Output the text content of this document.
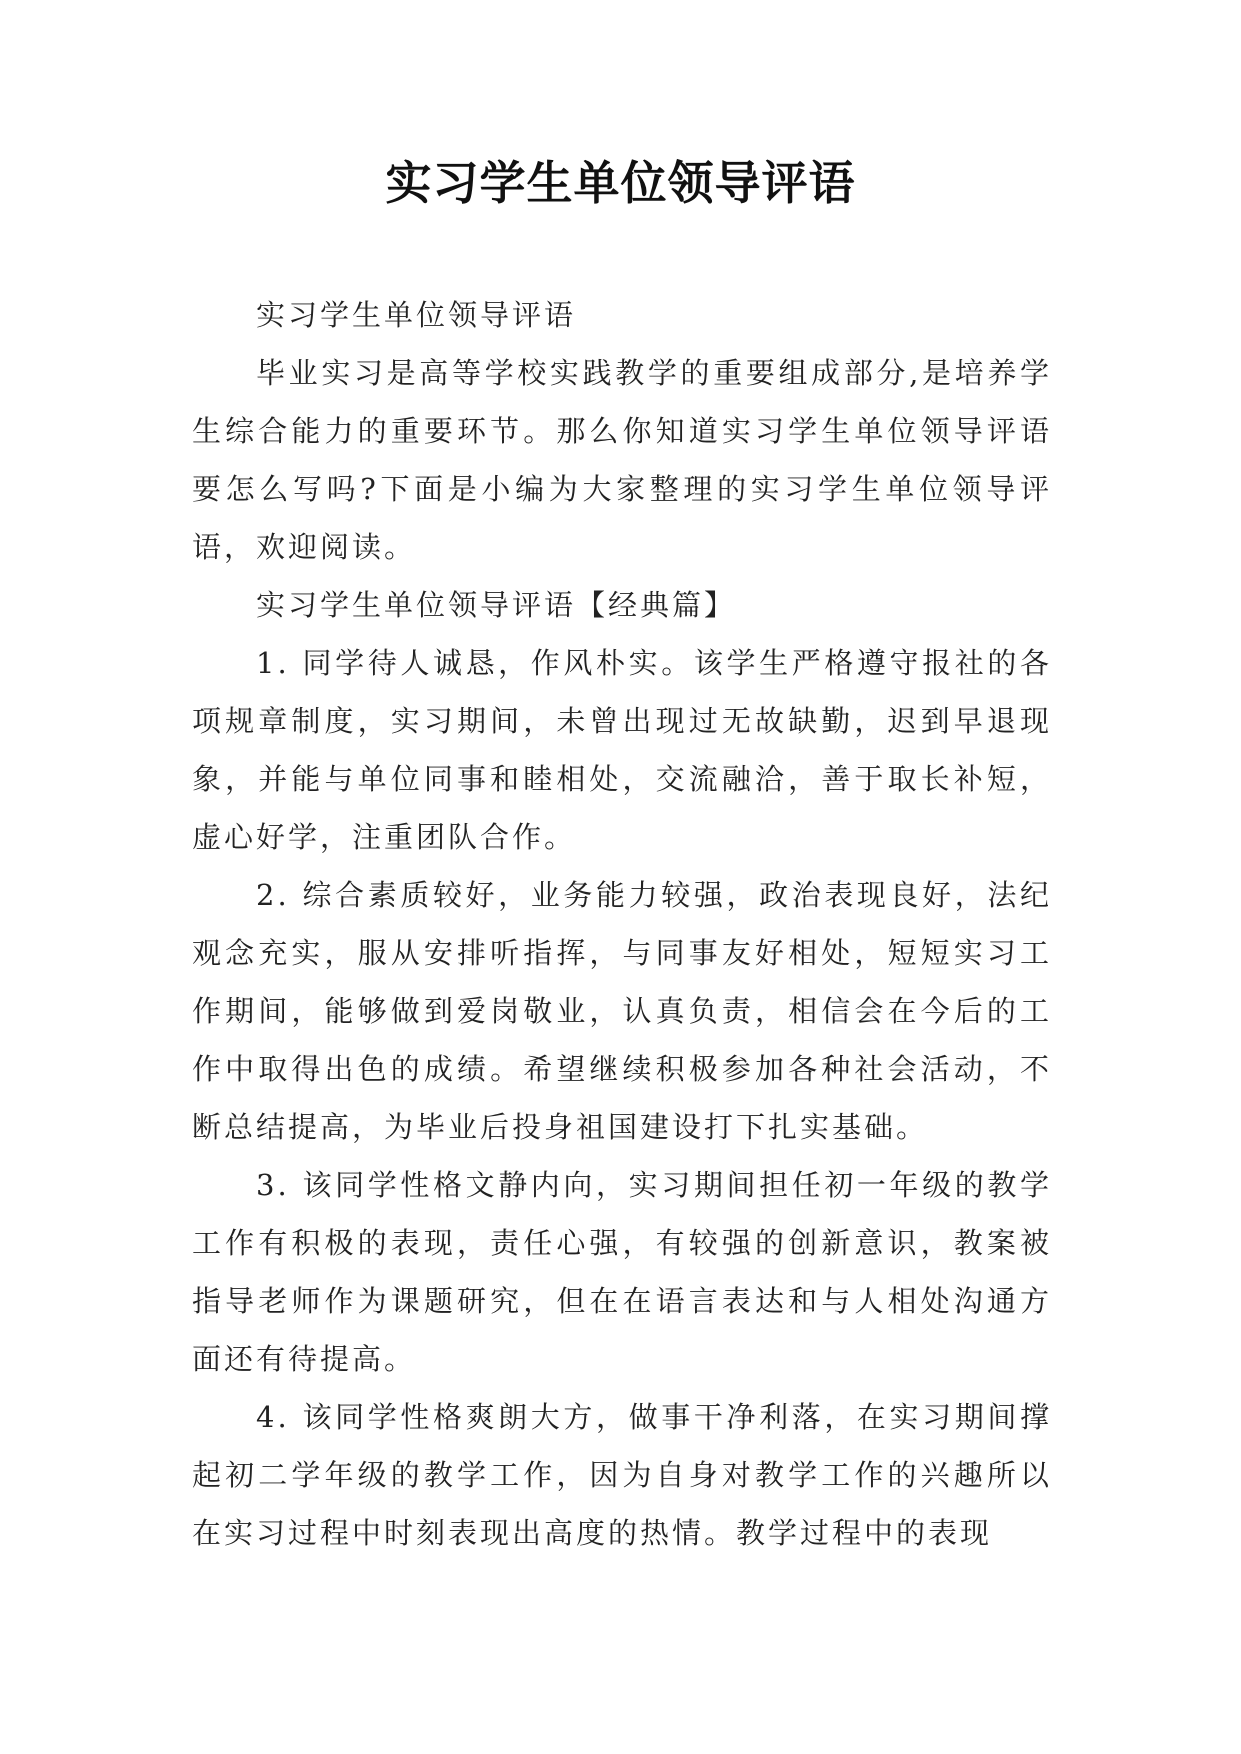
实习学生单位领导评语

实习学生单位领导评语

毕业实习是高等学校实践教学的重要组成部分,是培养学生综合能力的重要环节。那么你知道实习学生单位领导评语要怎么写吗?下面是小编为大家整理的实习学生单位领导评语，欢迎阅读。

实习学生单位领导评语【经典篇】

1. 同学待人诚恳，作风朴实。该学生严格遵守报社的各项规章制度，实习期间，未曾出现过无故缺勤，迟到早退现象，并能与单位同事和睦相处，交流融洽，善于取长补短，虚心好学，注重团队合作。

2. 综合素质较好，业务能力较强，政治表现良好，法纪观念充实，服从安排听指挥，与同事友好相处，短短实习工作期间，能够做到爱岗敬业，认真负责，相信会在今后的工作中取得出色的成绩。希望继续积极参加各种社会活动，不断总结提高，为毕业后投身祖国建设打下扎实基础。

3. 该同学性格文静内向，实习期间担任初一年级的教学工作有积极的表现，责任心强，有较强的创新意识，教案被指导老师作为课题研究，但在在语言表达和与人相处沟通方面还有待提高。

4. 该同学性格爽朗大方，做事干净利落，在实习期间撑起初二学年级的教学工作，因为自身对教学工作的兴趣所以在实习过程中时刻表现出高度的热情。教学过程中的表现
